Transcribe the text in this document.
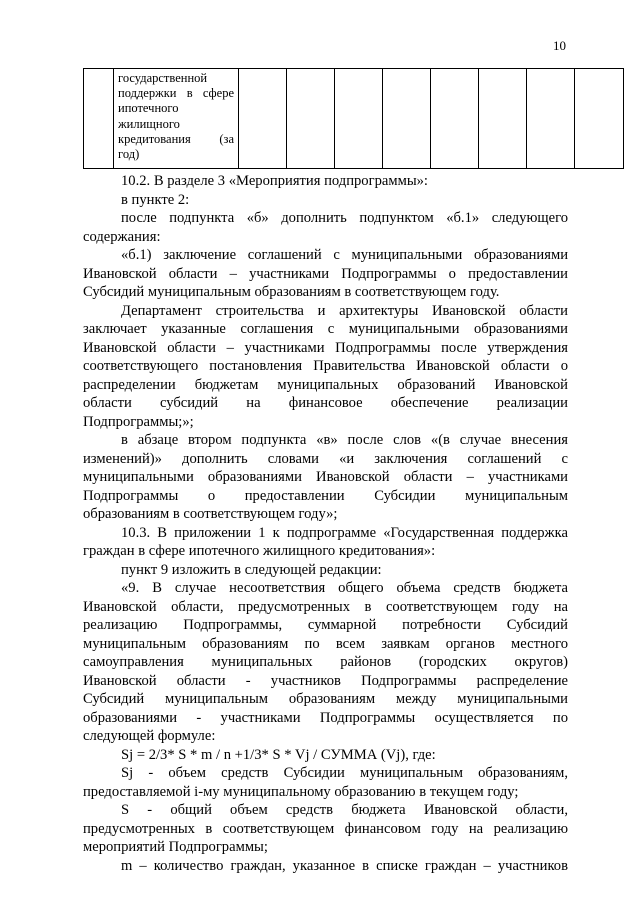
10

государственной
поддержки в сфере
ипотечного
жилищного
кредитования (за
год)

10.2. В разделе 3 «Мероприятия подпрограммы»:
в пункте 2:
после подпункта «б» дополнить подпунктом «б.1» следующего
содержания:
«б.1) заключение соглашений с муниципальными образованиями
Ивановской области – участниками Подпрограммы о предоставлении
Субсидий муниципальным образованиям в соответствующем году.
Департамент строительства и архитектуры Ивановской области
заключает указанные соглашения с муниципальными образованиями
Ивановской области – участниками Подпрограммы после утверждения
соответствующего постановления Правительства Ивановской области о
распределении бюджетам муниципальных образований Ивановской
области субсидий на финансовое обеспечение реализации
Подпрограммы;»;
в абзаце втором подпункта «в» после слов «(в случае внесения
изменений)» дополнить словами «и заключения соглашений с
муниципальными образованиями Ивановской области – участниками
Подпрограммы о предоставлении Субсидии муниципальным
образованиям в соответствующем году»;
10.3. В приложении 1 к подпрограмме «Государственная поддержка
граждан в сфере ипотечного жилищного кредитования»:
пункт 9 изложить в следующей редакции:
«9. В случае несоответствия общего объема средств бюджета
Ивановской области, предусмотренных в соответствующем году на
реализацию Подпрограммы, суммарной потребности Субсидий
муниципальным образованиям по всем заявкам органов местного
самоуправления муниципальных районов (городских округов)
Ивановской области - участников Подпрограммы распределение
Субсидий муниципальным образованиям между муниципальными
образованиями - участниками Подпрограммы осуществляется по
следующей формуле:
Sj = 2/3* S * m / n +1/3* S * Vj / СУММА (Vj), где:
Sj - объем средств Субсидии муниципальным образованиям,
предоставляемой i-му муниципальному образованию в текущем году;
S - общий объем средств бюджета Ивановской области,
предусмотренных в соответствующем финансовом году на реализацию
мероприятий Подпрограммы;
m – количество граждан, указанное в списке граждан – участников
